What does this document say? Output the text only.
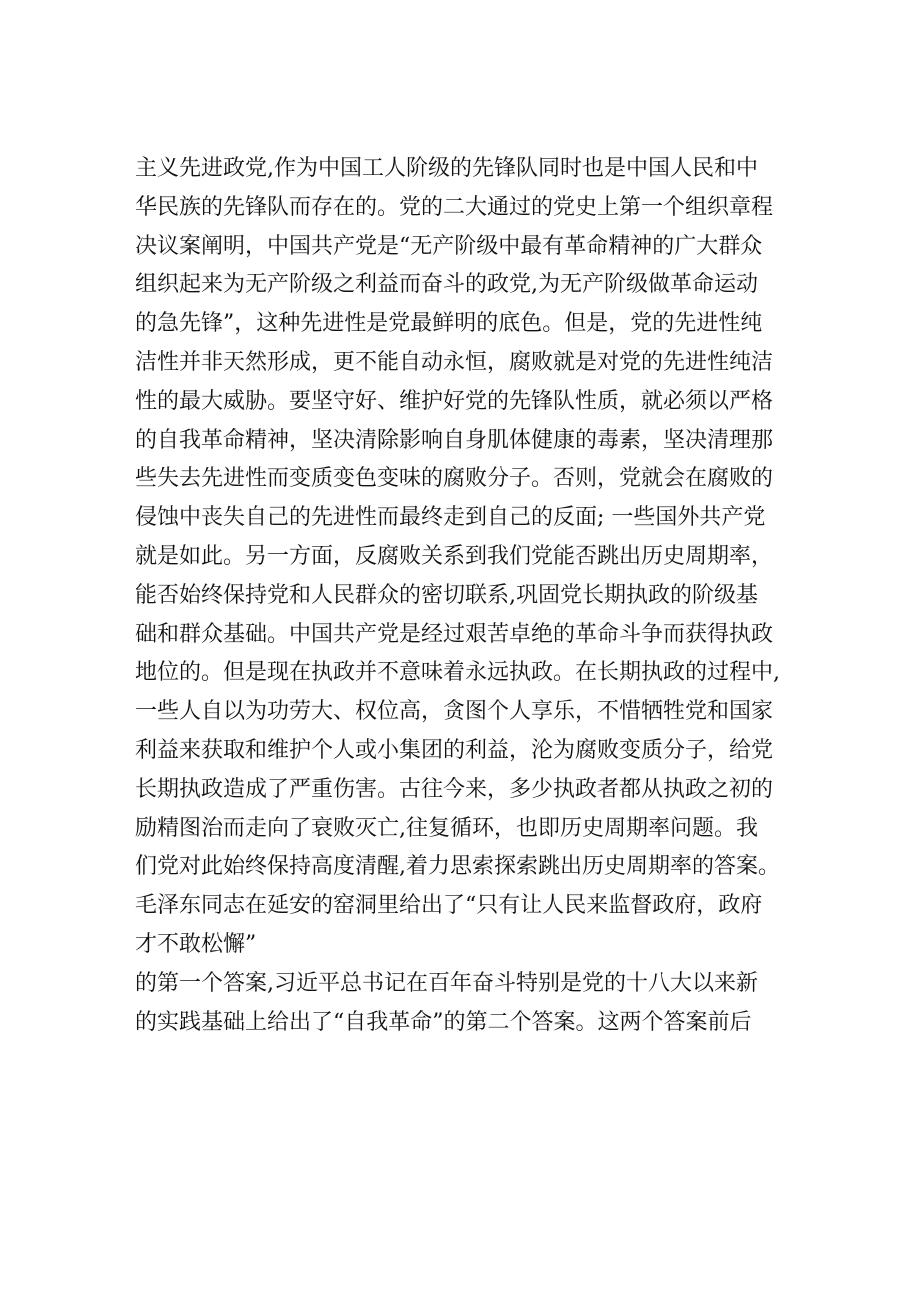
主义先进政党,作为中国工人阶级的先锋队同时也是中国人民和中
华民族的先锋队而存在的。党的二大通过的党史上第一个组织章程
决议案阐明，中国共产党是“无产阶级中最有革命精神的广大群众
组织起来为无产阶级之利益而奋斗的政党,为无产阶级做革命运动
的急先锋”，这种先进性是党最鲜明的底色。但是，党的先进性纯
洁性并非天然形成，更不能自动永恒，腐败就是对党的先进性纯洁
性的最大威胁。要坚守好、维护好党的先锋队性质，就必须以严格
的自我革命精神，坚决清除影响自身肌体健康的毒素，坚决清理那
些失去先进性而变质变色变味的腐败分子。否则，党就会在腐败的
侵蚀中丧失自己的先进性而最终走到自己的反面; 一些国外共产党
就是如此。另一方面，反腐败关系到我们党能否跳出历史周期率，
能否始终保持党和人民群众的密切联系,巩固党长期执政的阶级基
础和群众基础。中国共产党是经过艰苦卓绝的革命斗争而获得执政
地位的。但是现在执政并不意味着永远执政。在长期执政的过程中,
一些人自以为功劳大、权位高，贪图个人享乐，不惜牺牲党和国家
利益来获取和维护个人或小集团的利益，沦为腐败变质分子，给党
长期执政造成了严重伤害。古往今来，多少执政者都从执政之初的
励精图治而走向了衰败灭亡,往复循环，也即历史周期率问题。我
们党对此始终保持高度清醒,着力思索探索跳出历史周期率的答案。
毛泽东同志在延安的窑洞里给出了“只有让人民来监督政府，政府
才不敢松懈”
的第一个答案,习近平总书记在百年奋斗特别是党的十八大以来新
的实践基础上给出了“自我革命”的第二个答案。这两个答案前后
